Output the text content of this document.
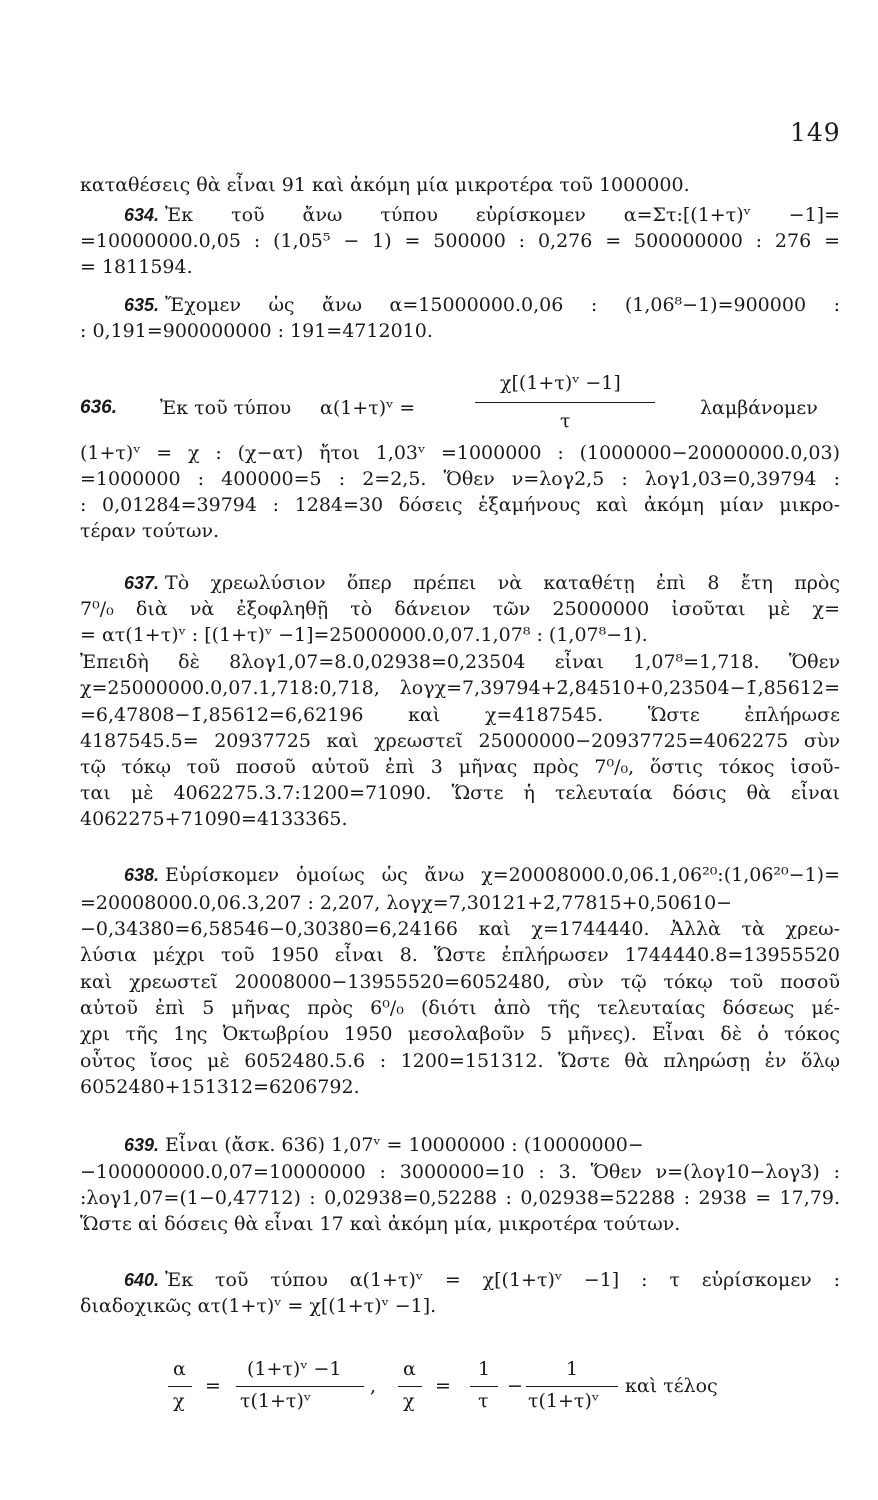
149
καταθέσεις θὰ εἶναι 91 καὶ ἀκόμη μία μικροτέρα τοῦ 1000000.
634. Ἐκ τοῦ ἄνω τύπου εὑρίσκομεν α=Στ:[(1+τ)ᵛ −1]=
=10000000.0,05 : (1,05⁵ − 1) = 500000 : 0,276 = 500000000 : 276 =
= 1811594.
635. Ἔχομεν ὡς ἄνω α=15000000.0,06 : (1,06⁸−1)=900000 :
: 0,191=900000000 : 191=4712010.
(1+τ)ᵛ = χ : (χ−ατ) ἤτοι 1,03ᵛ =1000000 : (1000000−20000000.0,03)
=1000000 : 400000=5 : 2=2,5. Ὅθεν ν=λογ2,5 : λογ1,03=0,39794 :
: 0,01284=39794 : 1284=30 δόσεις ἑξαμήνους καὶ ἀκόμη μίαν μικρο-
τέραν τούτων.
637. Τὸ χρεωλύσιον ὅπερ πρέπει νὰ καταθέτῃ ἐπὶ 8 ἔτη πρὸς
7⁰/₀ διὰ νὰ ἐξοφληθῇ τὸ δάνειον τῶν 25000000 ἰσοῦται μὲ χ=
= ατ(1+τ)ᵛ : [(1+τ)ᵛ −1]=25000000.0,07.1,07⁸ : (1,07⁸−1).
Ἐπειδὴ δὲ 8λογ1,07=8.0,02938=0,23504 εἶναι 1,07⁸=1,718. Ὅθεν
χ=25000000.0,07.1,718:0,718, λογχ=7,39794+2̄,84510+0,23504−1̄,85612=
=6,47808−1̄,85612=6,62196 καὶ χ=4187545. Ὥστε ἐπλήρωσε
4187545.5= 20937725 καὶ χρεωστεῖ 25000000−20937725=4062275 σὺν
τῷ τόκῳ τοῦ ποσοῦ αὐτοῦ ἐπὶ 3 μῆνας πρὸς 7⁰/₀, ὅστις τόκος ἰσοῦ-
ται μὲ 4062275.3.7:1200=71090. Ὥστε ἡ τελευταία δόσις θὰ εἶναι
4062275+71090=4133365.
638. Εὑρίσκομεν ὁμοίως ὡς ἄνω χ=20008000.0,06.1,06²⁰:(1,06²⁰−1)=
=20008000.0,06.3,207 : 2,207, λογχ=7,30121+2̄,77815+0,50610−
−0,34380=6,58546−0,30380=6,24166 καὶ χ=1744440. Ἀλλὰ τὰ χρεω-
λύσια μέχρι τοῦ 1950 εἶναι 8. Ὥστε ἐπλήρωσεν 1744440.8=13955520
καὶ χρεωστεῖ 20008000−13955520=6052480, σὺν τῷ τόκῳ τοῦ ποσοῦ
αὐτοῦ ἐπὶ 5 μῆνας πρὸς 6⁰/₀ (διότι ἀπὸ τῆς τελευταίας δόσεως μέ-
χρι τῆς 1ης Ὀκτωβρίου 1950 μεσολαβοῦν 5 μῆνες). Εἶναι δὲ ὁ τόκος
οὗτος ἴσος μὲ 6052480.5.6 : 1200=151312. Ὥστε θὰ πληρώσῃ ἐν ὅλῳ
6052480+151312=6206792.
639. Εἶναι (ἄσκ. 636) 1,07ᵛ = 10000000 : (10000000−
−100000000.0,07=10000000 : 3000000=10 : 3. Ὅθεν ν=(λογ10−λογ3) :
:λογ1,07=(1−0,47712) : 0,02938=0,52288 : 0,02938=52288 : 2938 = 17,79.
Ὥστε αἱ δόσεις θὰ εἶναι 17 καὶ ἀκόμη μία, μικροτέρα τούτων.
640. Ἐκ τοῦ τύπου α(1+τ)ᵛ = χ[(1+τ)ᵛ −1] : τ εὑρίσκομεν :
διαδοχικῶς ατ(1+τ)ᵛ = χ[(1+τ)ᵛ −1].
636. Ἐκ τοῦ τύπου α(1+τ)ᵛ =
χ[(1+τ)ᵛ −1]
τ
λαμβάνομεν
α
χ
=
(1+τ)ᵛ −1
τ(1+τ)ᵛ
,
α
χ
=
1
τ
−
1
τ(1+τ)ᵛ
καὶ τέλος
